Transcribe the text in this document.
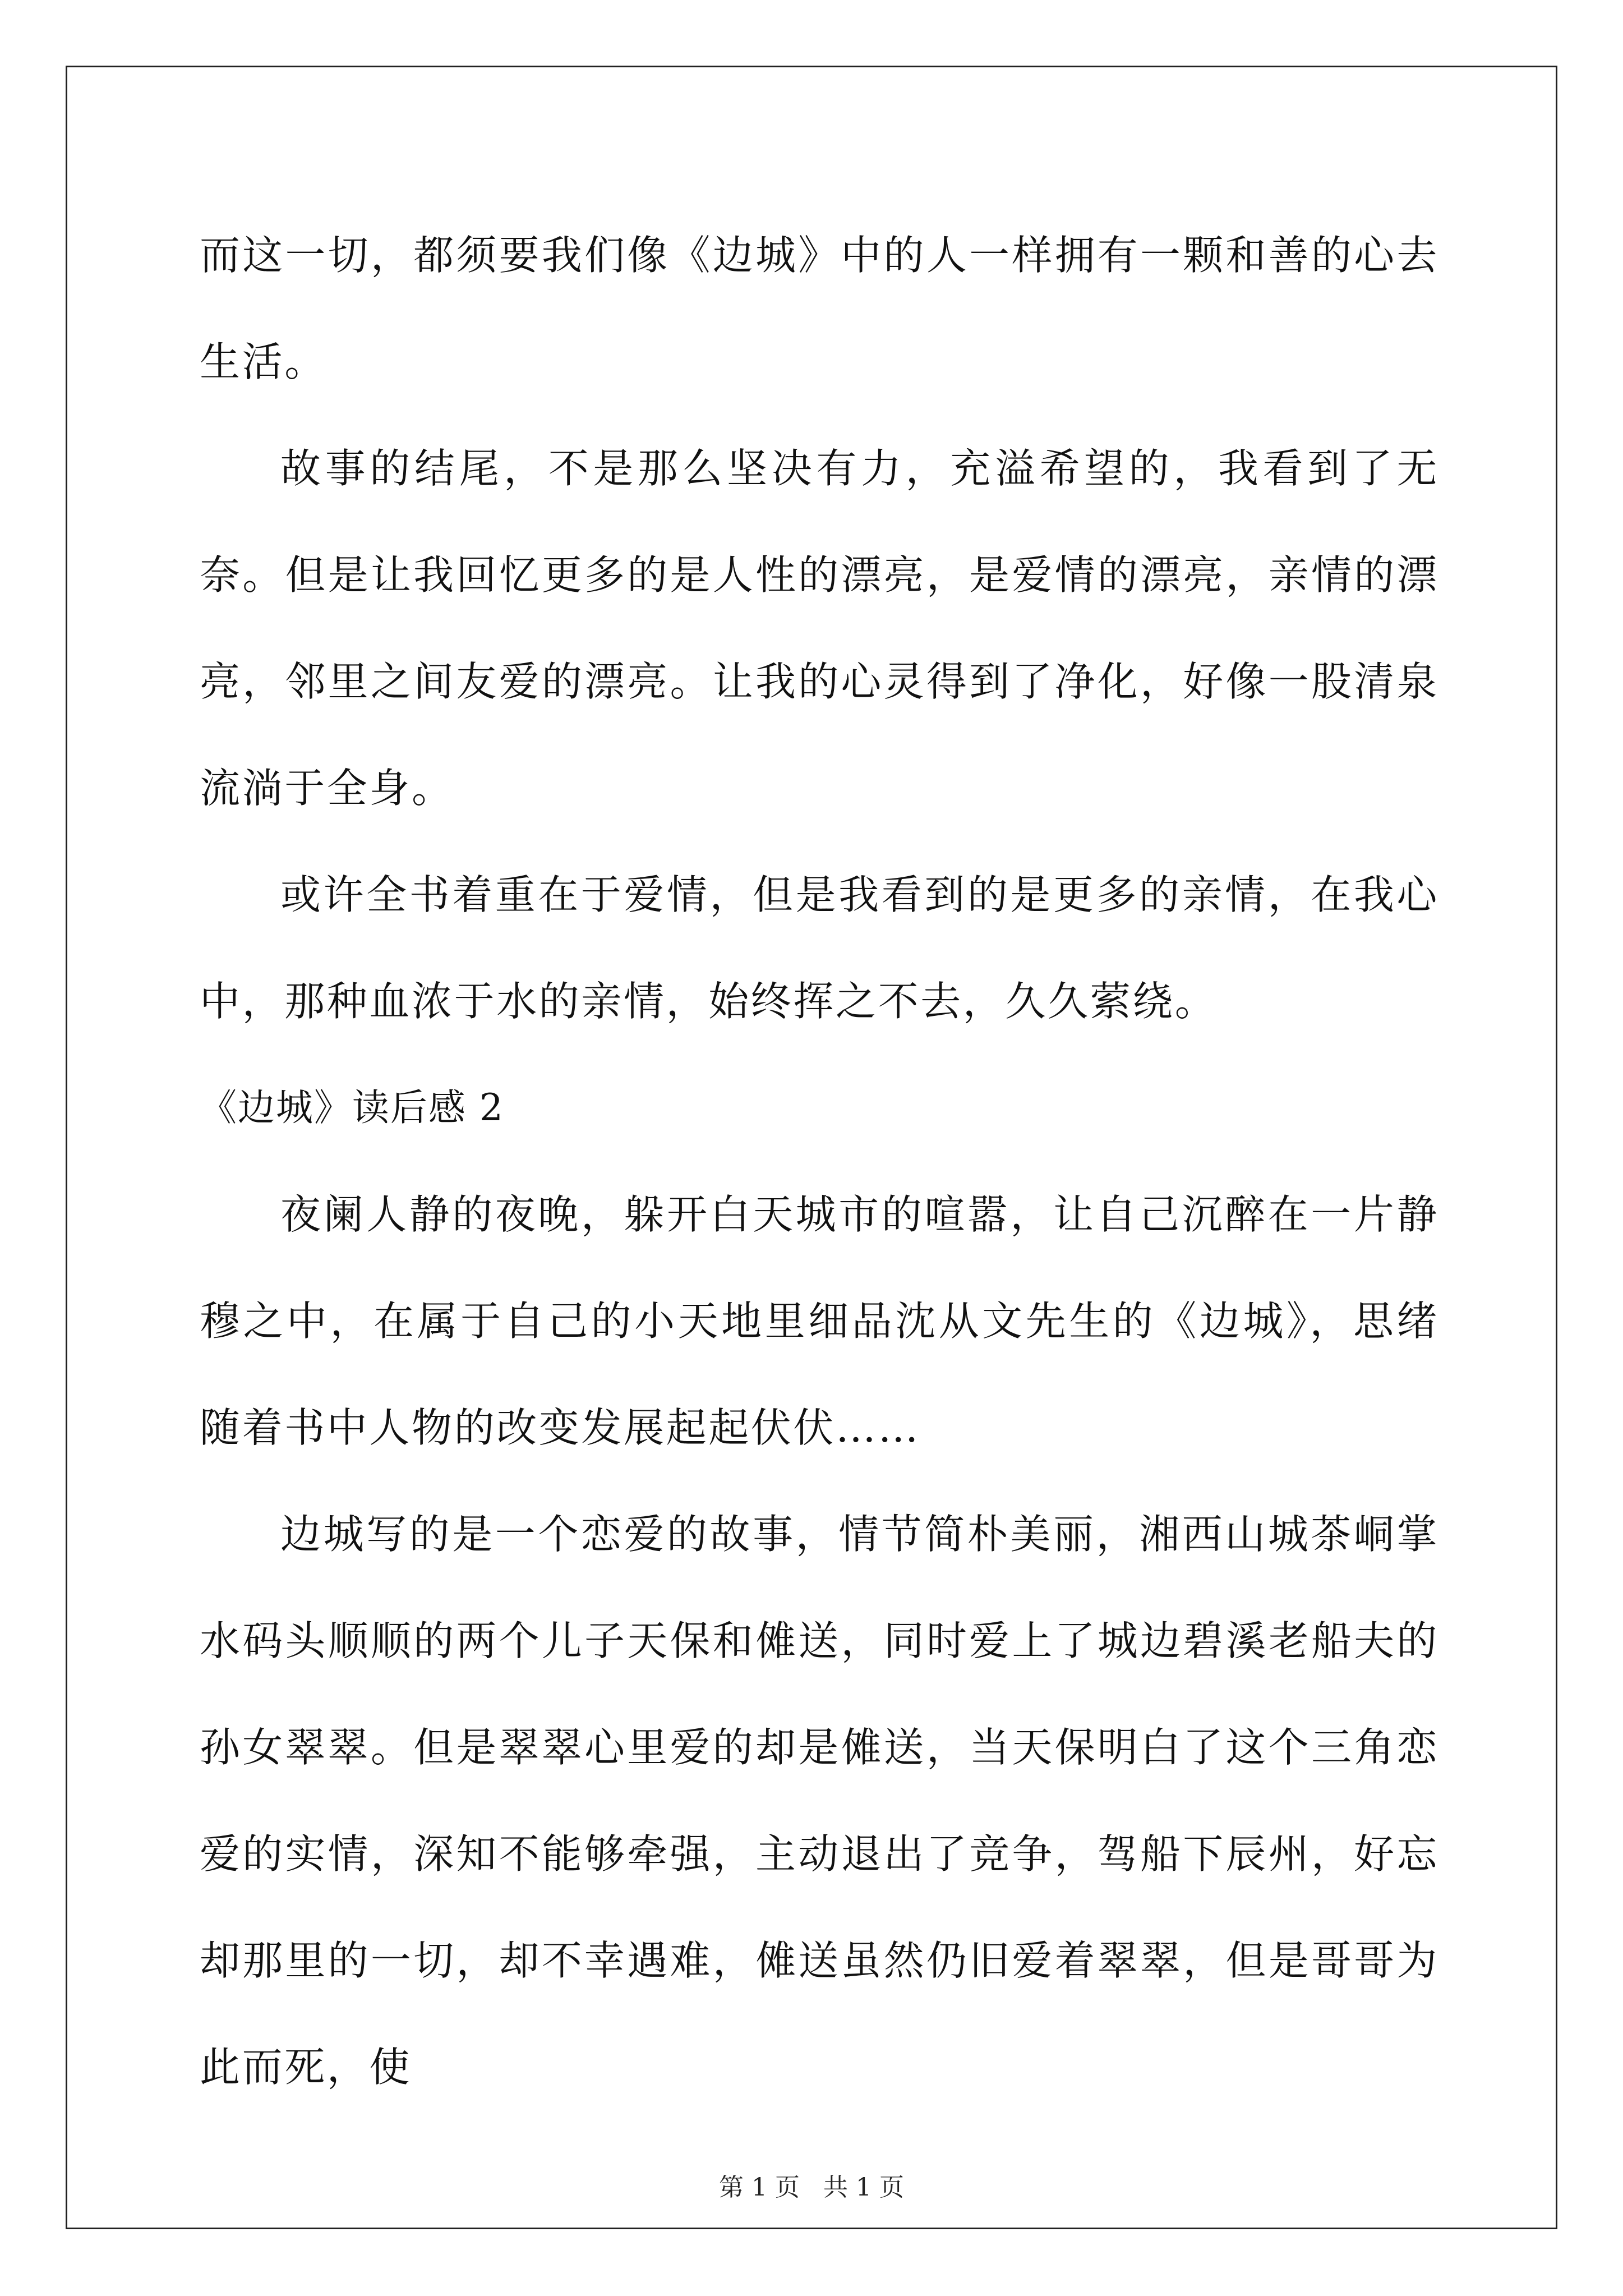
而这一切，都须要我们像《边城》中的人一样拥有一颗和善的心去生活。

故事的结尾，不是那么坚决有力，充溢希望的，我看到了无奈。但是让我回忆更多的是人性的漂亮，是爱情的漂亮，亲情的漂亮，邻里之间友爱的漂亮。让我的心灵得到了净化，好像一股清泉流淌于全身。

或许全书着重在于爱情，但是我看到的是更多的亲情，在我心中，那种血浓于水的亲情，始终挥之不去，久久萦绕。

《边城》读后感 2

夜阑人静的夜晚，躲开白天城市的喧嚣，让自己沉醉在一片静穆之中，在属于自己的小天地里细品沈从文先生的《边城》，思绪随着书中人物的改变发展起起伏伏……

边城写的是一个恋爱的故事，情节简朴美丽，湘西山城茶峒掌水码头顺顺的两个儿子天保和傩送，同时爱上了城边碧溪老船夫的孙女翠翠。但是翠翠心里爱的却是傩送，当天保明白了这个三角恋爱的实情，深知不能够牵强，主动退出了竞争，驾船下辰州，好忘却那里的一切，却不幸遇难，傩送虽然仍旧爱着翠翠，但是哥哥为此而死，使

第 1 页 共 1 页
